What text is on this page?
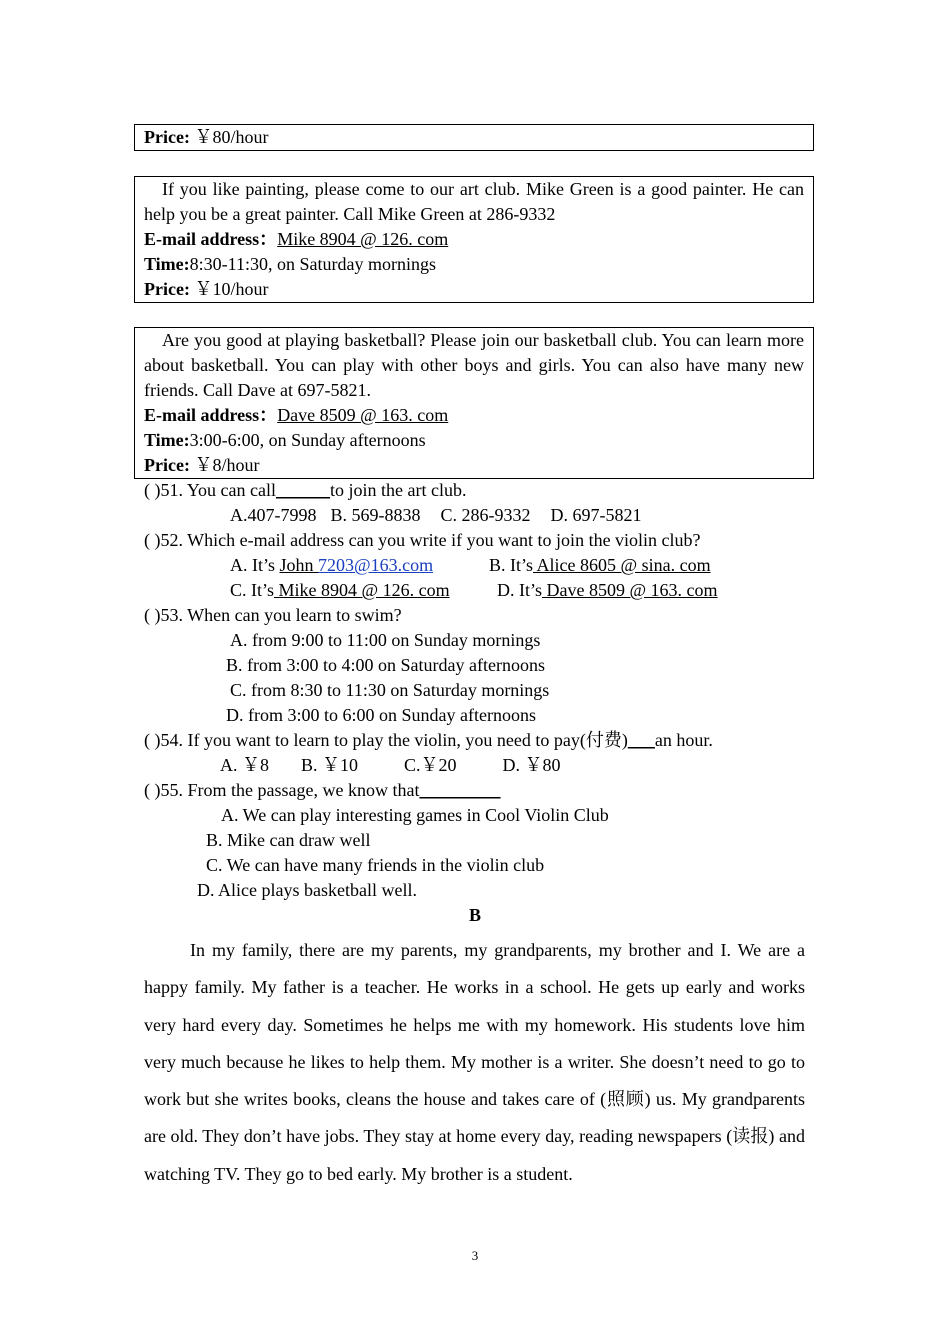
Price: ￥80/hour

If you like painting, please come to our art club. Mike Green is a good painter. He can help you be a great painter. Call Mike Green at 286-9332

E-mail address：Mike 8904 @ 126. com

Time:8:30-11:30, on Saturday mornings

Price: ￥10/hour

Are you good at playing basketball? Please join our basketball club. You can learn more about basketball. You can play with other boys and girls. You can also have many new friends. Call Dave at 697-5821.

E-mail address：Dave 8509 @ 163. com

Time:3:00-6:00, on Sunday afternoons

Price: ￥8/hour

( )51. You can call______to join the art club.
A.407-7998 B. 569-8838 C. 286-9332 D. 697-5821
( )52. Which e-mail address can you write if you want to join the violin club?
A. It’s John 7203@163.com	B. It’s Alice 8605 @ sina. com
C. It’s Mike 8904 @ 126. com	D. It’s Dave 8509 @ 163. com
( )53. When can you learn to swim?
A. from 9:00 to 11:00 on Sunday mornings
B. from 3:00 to 4:00 on Saturday afternoons
C. from 8:30 to 11:30 on Saturday mornings
D. from 3:00 to 6:00 on Sunday afternoons
( )54. If you want to learn to play the violin, you need to pay(付费)___an hour.
A. ￥8 B. ￥10	C.￥20	D. ￥80
( )55. From the passage, we know that_________
A. We can play interesting games in Cool Violin Club
B. Mike can draw well
C. We can have many friends in the violin club
D. Alice plays basketball well.
B

In my family, there are my parents, my grandparents, my brother and I. We are a happy family. My father is a teacher. He works in a school. He gets up early and works very hard every day. Sometimes he helps me with my homework. His students love him very much because he likes to help them. My mother is a writer. She doesn’t need to go to work but she writes books, cleans the house and takes care of (照顾) us. My grandparents are old. They don’t have jobs. They stay at home every day, reading newspapers (读报) and watching TV. They go to bed early. My brother is a student.

3
